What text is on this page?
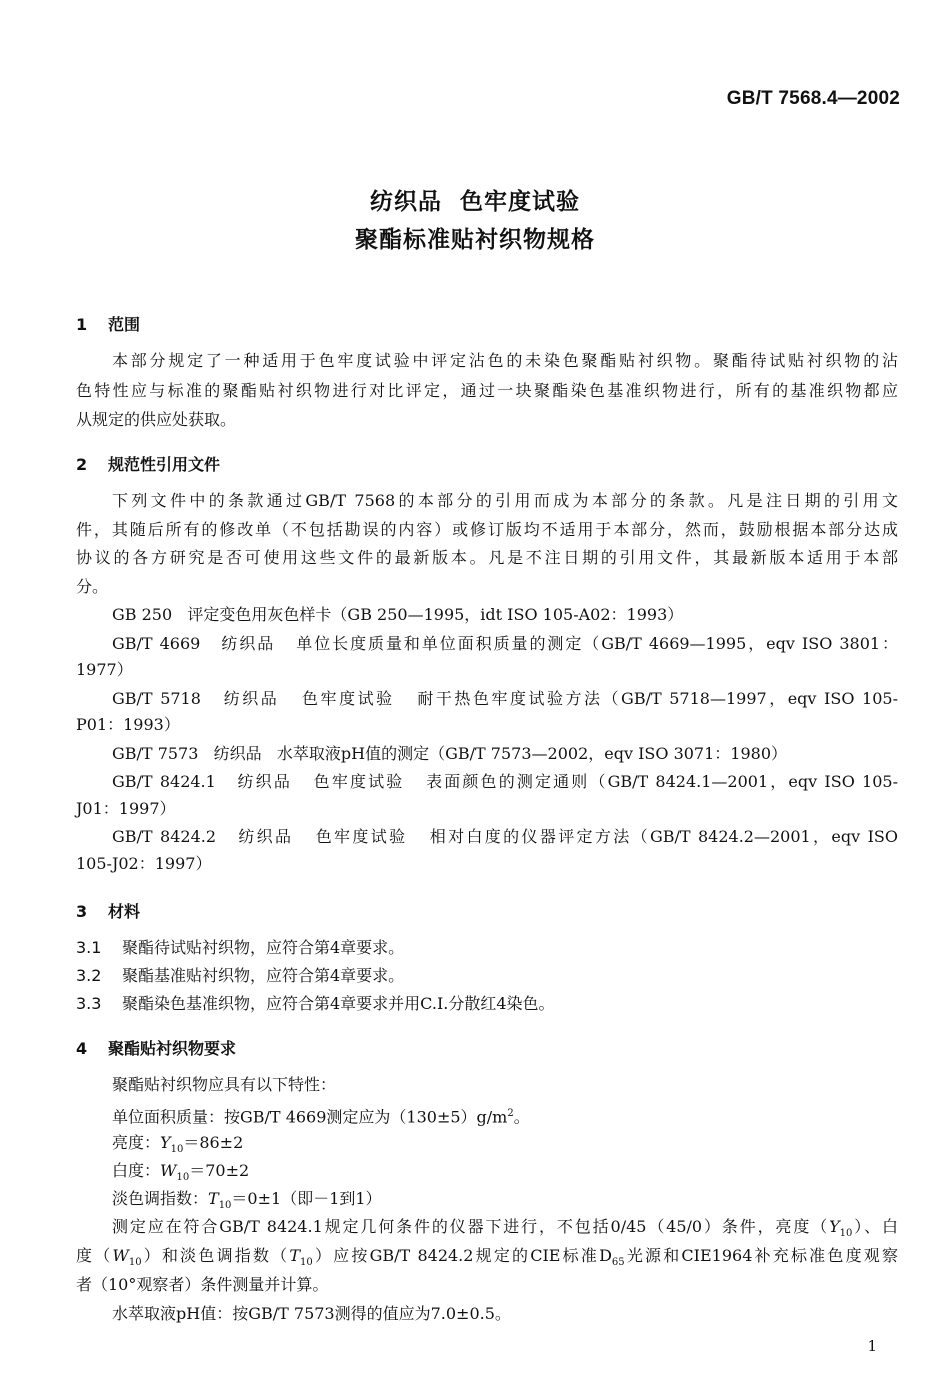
GB/T 7568.4—2002
纺织品  色牢度试验
聚酯标准贴衬织物规格
1 范围
本部分规定了一种适用于色牢度试验中评定沾色的未染色聚酯贴衬织物。聚酯待试贴衬织物的沾
色特性应与标准的聚酯贴衬织物进行对比评定，通过一块聚酯染色基准织物进行，所有的基准织物都应
从规定的供应处获取。
2 规范性引用文件
下列文件中的条款通过GB/T 7568的本部分的引用而成为本部分的条款。凡是注日期的引用文
件，其随后所有的修改单（不包括勘误的内容）或修订版均不适用于本部分，然而，鼓励根据本部分达成
协议的各方研究是否可使用这些文件的最新版本。凡是不注日期的引用文件，其最新版本适用于本部
分。
GB 250   评定变色用灰色样卡（GB 250—1995，idt ISO 105-A02：1993）
GB/T 4669   纺织品   单位长度质量和单位面积质量的测定（GB/T 4669—1995，eqv ISO 3801：
1977）
GB/T 5718   纺织品   色牢度试验   耐干热色牢度试验方法（GB/T 5718—1997，eqv ISO 105-
P01：1993）
GB/T 7573   纺织品   水萃取液pH值的测定（GB/T 7573—2002，eqv ISO 3071：1980）
GB/T 8424.1   纺织品   色牢度试验   表面颜色的测定通则（GB/T 8424.1—2001，eqv ISO 105-
J01：1997）
GB/T 8424.2   纺织品   色牢度试验   相对白度的仪器评定方法（GB/T 8424.2—2001，eqv ISO
105-J02：1997）
3 材料
3.1 聚酯待试贴衬织物，应符合第4章要求。
3.2 聚酯基准贴衬织物，应符合第4章要求。
3.3 聚酯染色基准织物，应符合第4章要求并用C.I.分散红4染色。
4 聚酯贴衬织物要求
聚酯贴衬织物应具有以下特性：
单位面积质量：按GB/T 4669测定应为$(130\pm 5)g/m^2$。
亮度：$Y_{10}=86\pm 2$
白度：$W_{10}=70\pm 2$
淡色调指数：$T_{10}=0\pm 1$（即－1到1）
测定应在符合GB/T 8424.1规定几何条件的仪器下进行，不包括0/45（45/0）条件，亮度$(Y_{10})$、白
度$(W_{10})$和淡色调指数$(T_{10})$应按GB/T 8424.2规定的CIE标准$D_{65}$光源和CIE1964补充标准色度观察
者（10°观察者）条件测量并计算。
水萃取液pH值：按GB/T 7573测得的值应为7.0±0.5。
1
